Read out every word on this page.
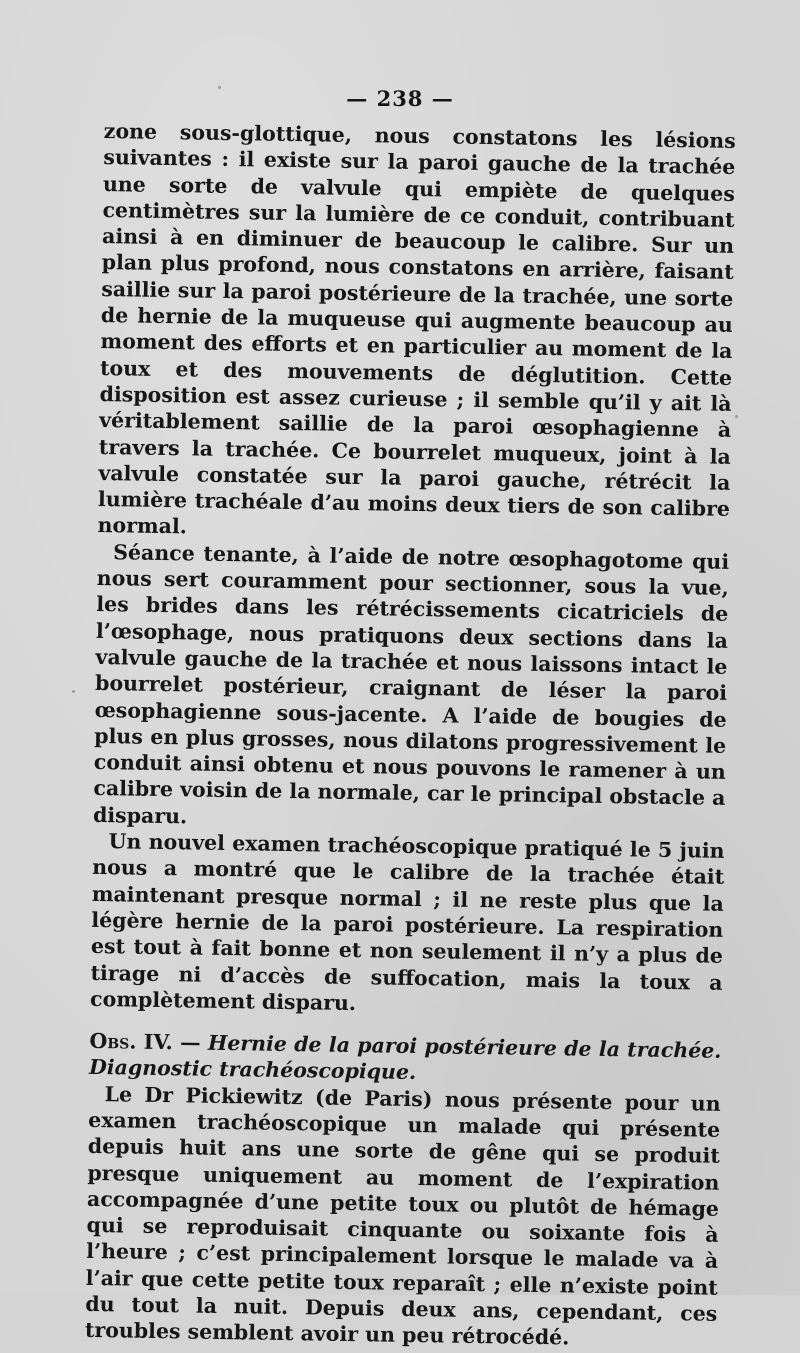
— 238 —

zone sous-glottique, nous constatons les lésions suivantes : il existe sur la paroi gauche de la trachée une sorte de valvule qui empiète de quelques centimètres sur la lumière de ce conduit, contribuant ainsi à en diminuer de beaucoup le calibre. Sur un plan plus profond, nous constatons en arrière, faisant saillie sur la paroi postérieure de la trachée, une sorte de hernie de la muqueuse qui augmente beaucoup au moment des efforts et en particulier au moment de la toux et des mouvements de déglutition. Cette disposition est assez curieuse ; il semble qu’il y ait là véritablement saillie de la paroi œsophagienne à travers la trachée. Ce bourrelet muqueux, joint à la valvule constatée sur la paroi gauche, rétrécit la lumière trachéale d’au moins deux tiers de son calibre normal.

Séance tenante, à l’aide de notre œsophagotome qui nous sert couramment pour sectionner, sous la vue, les brides dans les rétrécissements cicatriciels de l’œsophage, nous pratiquons deux sections dans la valvule gauche de la trachée et nous laissons intact le bourrelet postérieur, craignant de léser la paroi œsophagienne sous-jacente. A l’aide de bougies de plus en plus grosses, nous dilatons progressivement le conduit ainsi obtenu et nous pouvons le ramener à un calibre voisin de la normale, car le principal obstacle a disparu.

Un nouvel examen trachéoscopique pratiqué le 5 juin nous a montré que le calibre de la trachée était maintenant presque normal ; il ne reste plus que la légère hernie de la paroi postérieure. La respiration est tout à fait bonne et non seulement il n’y a plus de tirage ni d’accès de suffocation, mais la toux a complètement disparu.

Obs. IV. — Hernie de la paroi postérieure de la trachée. Diagnostic trachéoscopique.

Le Dr Pickiewitz (de Paris) nous présente pour un examen trachéoscopique un malade qui présente depuis huit ans une sorte de gêne qui se produit presque uniquement au moment de l’expiration accompagnée d’une petite toux ou plutôt de hémage qui se reproduisait cinquante ou soixante fois à l’heure ; c’est principalement lorsque le malade va à l’air que cette petite toux reparaît ; elle n’existe point du tout la nuit. Depuis deux ans, cependant, ces troubles semblent avoir un peu rétrocédé.
